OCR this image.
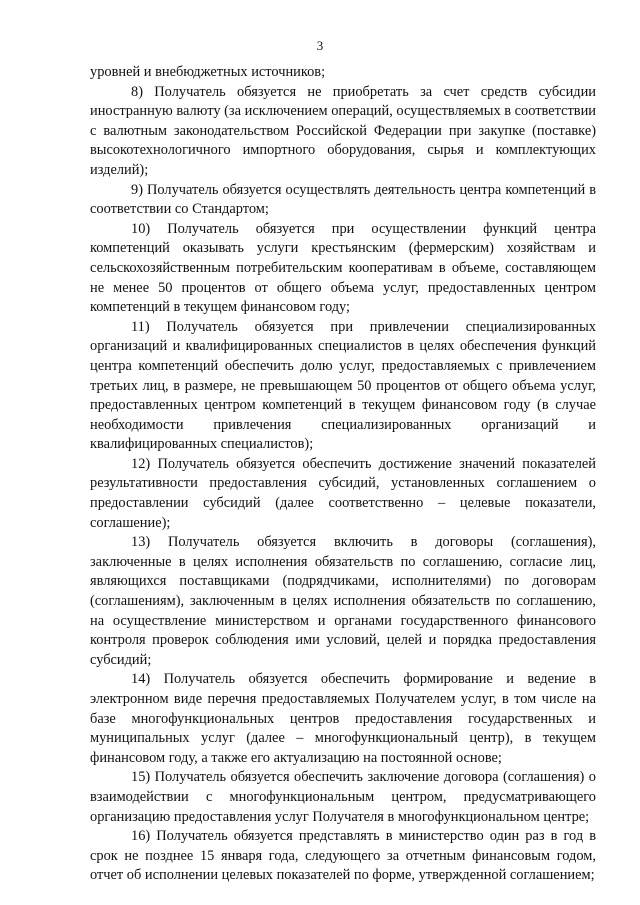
3

уровней и внебюджетных источников;

8) Получатель обязуется не приобретать за счет средств субсидии иностранную валюту (за исключением операций, осуществляемых в соответствии с валютным законодательством Российской Федерации при закупке (поставке) высокотехнологичного импортного оборудования, сырья и комплектующих изделий);

9) Получатель обязуется осуществлять деятельность центра компетенций в соответствии со Стандартом;

10) Получатель обязуется при осуществлении функций центра компетенций оказывать услуги крестьянским (фермерским) хозяйствам и сельскохозяйственным потребительским кооперативам в объеме, составляющем не менее 50 процентов от общего объема услуг, предоставленных центром компетенций в текущем финансовом году;

11) Получатель обязуется при привлечении специализированных организаций и квалифицированных специалистов в целях обеспечения функций центра компетенций обеспечить долю услуг, предоставляемых с привлечением третьих лиц, в размере, не превышающем 50 процентов от общего объема услуг, предоставленных центром компетенций в текущем финансовом году (в случае необходимости привлечения специализированных организаций и квалифицированных специалистов);

12) Получатель обязуется обеспечить достижение значений показателей результативности предоставления субсидий, установленных соглашением о предоставлении субсидий (далее соответственно – целевые показатели, соглашение);

13) Получатель обязуется включить в договоры (соглашения), заключенные в целях исполнения обязательств по соглашению, согласие лиц, являющихся поставщиками (подрядчиками, исполнителями) по договорам (соглашениям), заключенным в целях исполнения обязательств по соглашению, на осуществление министерством и органами государственного финансового контроля проверок соблюдения ими условий, целей и порядка предоставления субсидий;

14) Получатель обязуется обеспечить формирование и ведение в электронном виде перечня предоставляемых Получателем услуг, в том числе на базе многофункциональных центров предоставления государственных и муниципальных услуг (далее – многофункциональный центр), в текущем финансовом году, а также его актуализацию на постоянной основе;

15) Получатель обязуется обеспечить заключение договора (соглашения) о взаимодействии с многофункциональным центром, предусматривающего организацию предоставления услуг Получателя в многофункциональном центре;

16) Получатель обязуется представлять в министерство один раз в год в срок не позднее 15 января года, следующего за отчетным финансовым годом, отчет об исполнении целевых показателей по форме, утвержденной соглашением;
